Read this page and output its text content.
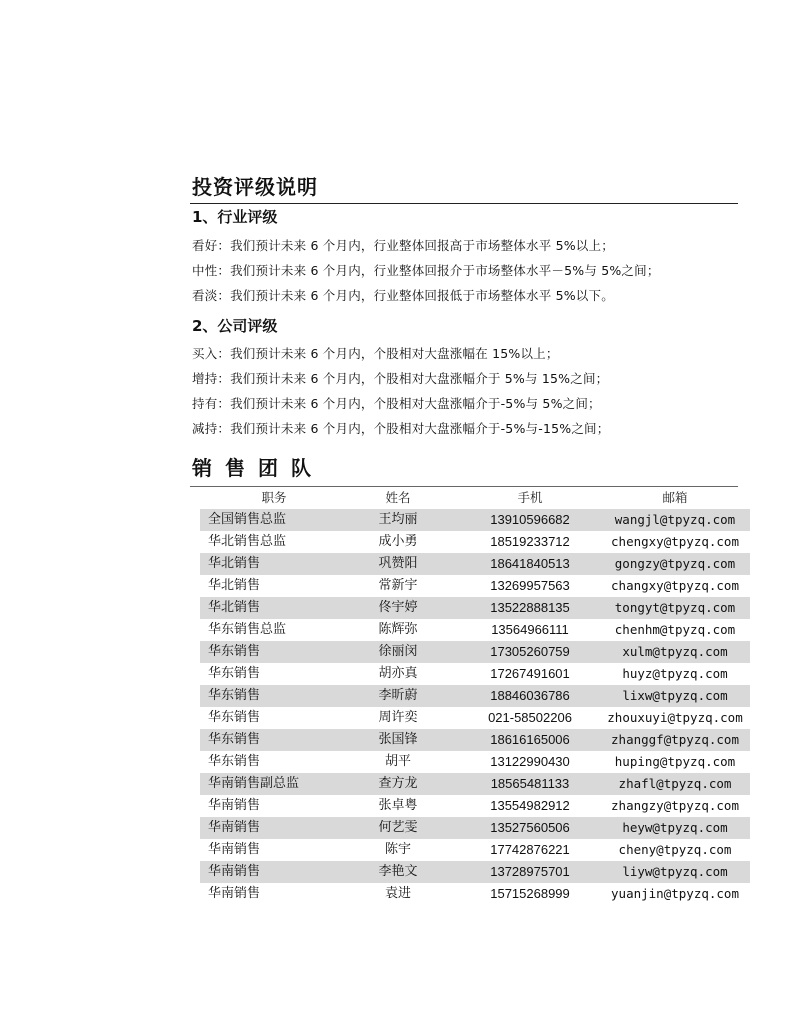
投资评级说明
1、行业评级
看好：我们预计未来 6 个月内，行业整体回报高于市场整体水平 5%以上；
中性：我们预计未来 6 个月内，行业整体回报介于市场整体水平－5%与 5%之间；
看淡：我们预计未来 6 个月内，行业整体回报低于市场整体水平 5%以下。
2、公司评级
买入：我们预计未来 6 个月内，个股相对大盘涨幅在 15%以上；
增持：我们预计未来 6 个月内，个股相对大盘涨幅介于 5%与 15%之间；
持有：我们预计未来 6 个月内，个股相对大盘涨幅介于-5%与 5%之间；
减持：我们预计未来 6 个月内，个股相对大盘涨幅介于-5%与-15%之间；
销售团队
职务	姓名	手机	邮箱
全国销售总监	王均丽	13910596682	wangjl@tpyzq.com
华北销售总监	成小勇	18519233712	chengxy@tpyzq.com
华北销售	巩赞阳	18641840513	gongzy@tpyzq.com
华北销售	常新宇	13269957563	changxy@tpyzq.com
华北销售	佟宇婷	13522888135	tongyt@tpyzq.com
华东销售总监	陈辉弥	13564966111	chenhm@tpyzq.com
华东销售	徐丽闵	17305260759	xulm@tpyzq.com
华东销售	胡亦真	17267491601	huyz@tpyzq.com
华东销售	李昕蔚	18846036786	lixw@tpyzq.com
华东销售	周许奕	021-58502206	zhouxuyi@tpyzq.com
华东销售	张国锋	18616165006	zhanggf@tpyzq.com
华东销售	胡平	13122990430	huping@tpyzq.com
华南销售副总监	查方龙	18565481133	zhafl@tpyzq.com
华南销售	张卓粤	13554982912	zhangzy@tpyzq.com
华南销售	何艺雯	13527560506	heyw@tpyzq.com
华南销售	陈宇	17742876221	cheny@tpyzq.com
华南销售	李艳文	13728975701	liyw@tpyzq.com
华南销售	袁进	15715268999	yuanjin@tpyzq.com
